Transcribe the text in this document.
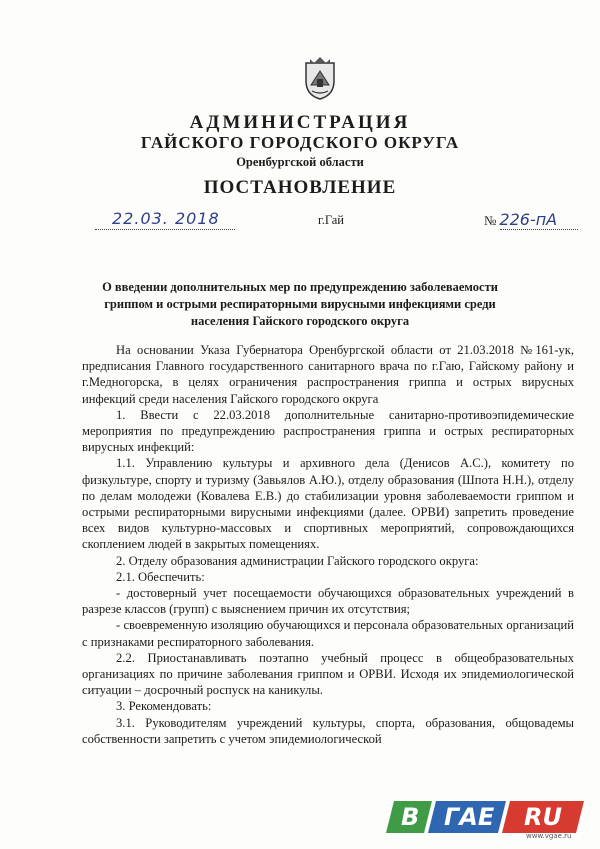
АДМИНИСТРАЦИЯ
ГАЙСКОГО ГОРОДСКОГО ОКРУГА
Оренбургской области
ПОСТАНОВЛЕНИЕ
22.03. 2018	г.Гай	№ 226-пА
О введении дополнительных мер по предупреждению заболеваемости
гриппом и острыми респираторными вирусными инфекциями среди
населения Гайского городского округа

На основании Указа Губернатора Оренбургской области от 21.03.2018 №161-ук, предписания Главного государственного санитарного врача по г.Гаю, Гайскому району и г.Медногорска, в целях ограничения распространения гриппа и острых вирусных инфекций среди населения Гайского городского округа

1. Ввести с 22.03.2018 дополнительные санитарно-противоэпидемические мероприятия по предупреждению распространения гриппа и острых респираторных вирусных инфекций:

1.1. Управлению культуры и архивного дела (Денисов А.С.), комитету по физкультуре, спорту и туризму (Завьялов А.Ю.), отделу образования (Шпота Н.Н.), отделу по делам молодежи (Ковалева Е.В.) до стабилизации уровня заболеваемости гриппом и острыми респираторными вирусными инфекциями (далее. ОРВИ) запретить проведение всех видов культурно-массовых и спортивных мероприятий, сопровождающихся скоплением людей в закрытых помещениях.

2. Отделу образования администрации Гайского городского округа:

2.1. Обеспечить:

- достоверный учет посещаемости обучающихся образовательных учреждений в разрезе классов (групп) с выяснением причин их отсутствия;

- своевременную изоляцию обучающихся и персонала образовательных организаций с признаками респираторного заболевания.

2.2. Приостанавливать поэтапно учебный процесс в общеобразовательных организациях по причине заболевания гриппом и ОРВИ. Исходя их эпидемиологической ситуации – досрочный роспуск на каникулы.

3. Рекомендовать:

3.1. Руководителям учреждений культуры, спорта, образования, общовадемы собственности запретить с учетом эпидемиологической

В ГАЕ RU
www.vgae.ru
